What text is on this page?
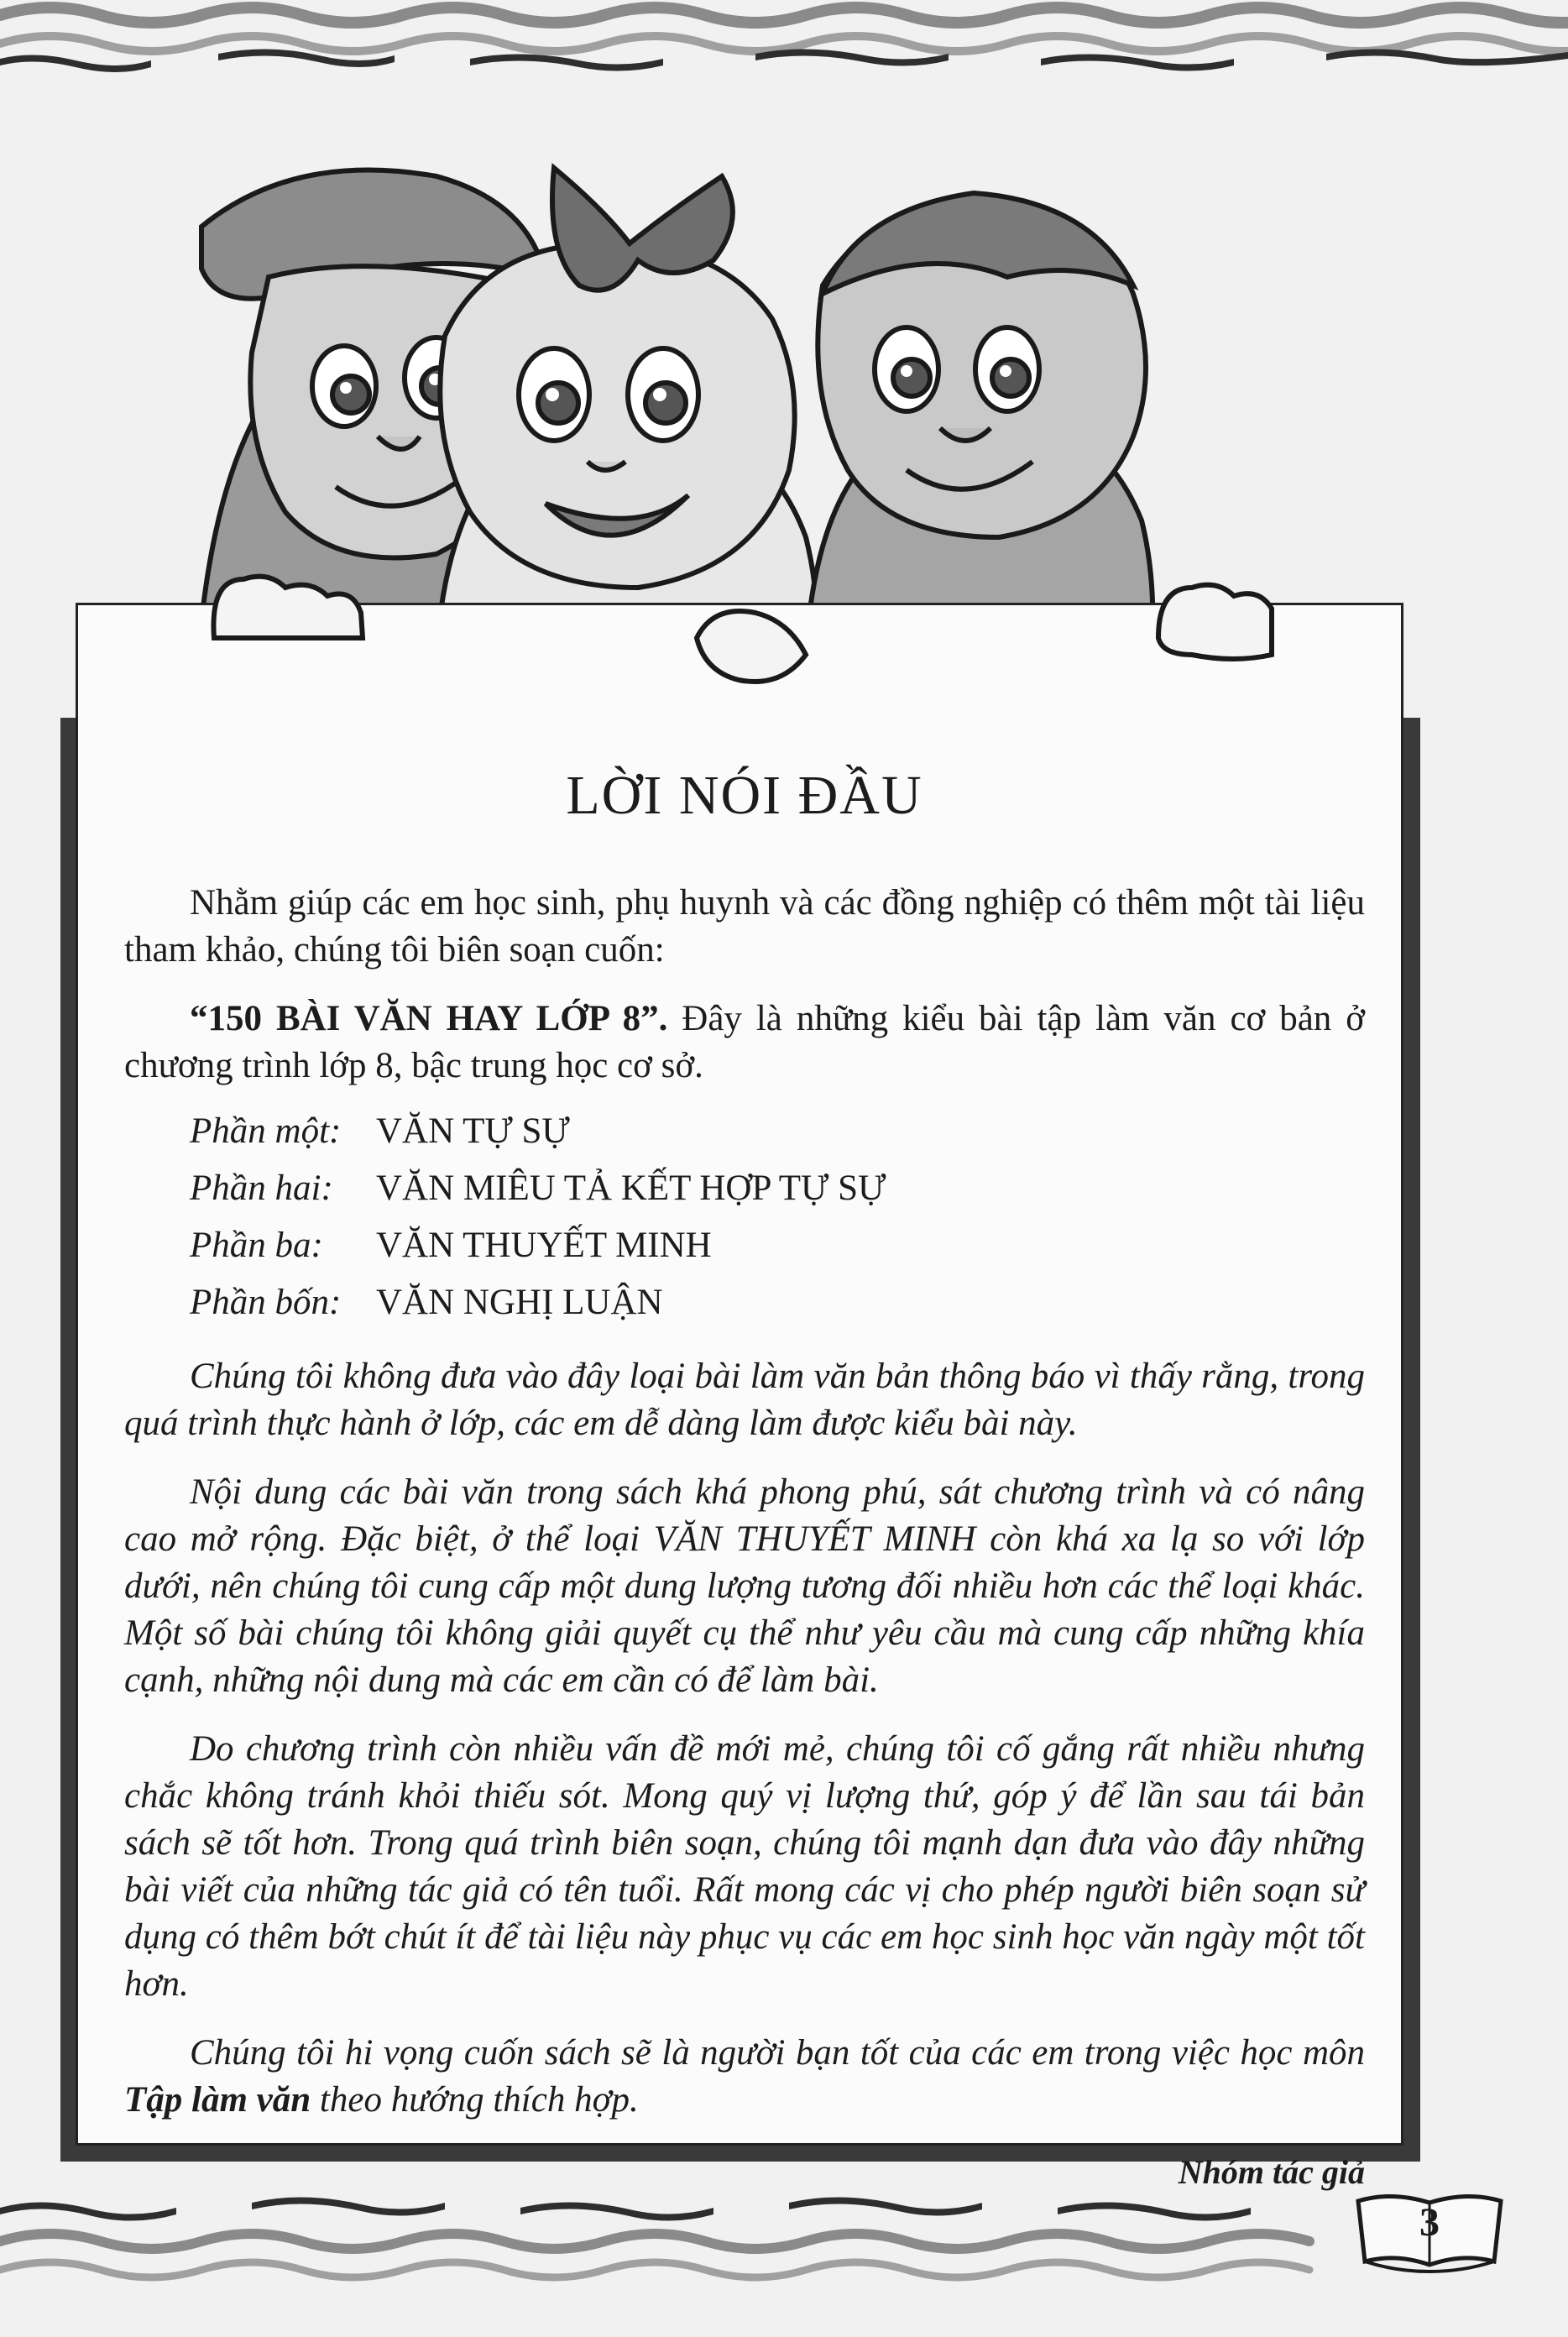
LỜI NÓI ĐẦU

Nhằm giúp các em học sinh, phụ huynh và các đồng nghiệp có thêm một tài liệu tham khảo, chúng tôi biên soạn cuốn:

“150 BÀI VĂN HAY LỚP 8”. Đây là những kiểu bài tập làm văn cơ bản ở chương trình lớp 8, bậc trung học cơ sở.

Phần một: VĂN TỰ SỰ
Phần hai:	VĂN MIÊU TẢ KẾT HỢP TỰ SỰ
Phần ba:	VĂN THUYẾT MINH
Phần bốn: VĂN NGHỊ LUẬN

Chúng tôi không đưa vào đây loại bài làm văn bản thông báo vì thấy rằng, trong quá trình thực hành ở lớp, các em dễ dàng làm được kiểu bài này.

Nội dung các bài văn trong sách khá phong phú, sát chương trình và có nâng cao mở rộng. Đặc biệt, ở thể loại VĂN THUYẾT MINH còn khá xa lạ so với lớp dưới, nên chúng tôi cung cấp một dung lượng tương đối nhiều hơn các thể loại khác. Một số bài chúng tôi không giải quyết cụ thể như yêu cầu mà cung cấp những khía cạnh, những nội dung mà các em cần có để làm bài.

Do chương trình còn nhiều vấn đề mới mẻ, chúng tôi cố gắng rất nhiều nhưng chắc không tránh khỏi thiếu sót. Mong quý vị lượng thứ, góp ý để lần sau tái bản sách sẽ tốt hơn. Trong quá trình biên soạn, chúng tôi mạnh dạn đưa vào đây những bài viết của những tác giả có tên tuổi. Rất mong các vị cho phép người biên soạn sử dụng có thêm bớt chút ít để tài liệu này phục vụ các em học sinh học văn ngày một tốt hơn.

Chúng tôi hi vọng cuốn sách sẽ là người bạn tốt của các em trong việc học môn Tập làm văn theo hướng thích hợp.

Nhóm tác giả
3
